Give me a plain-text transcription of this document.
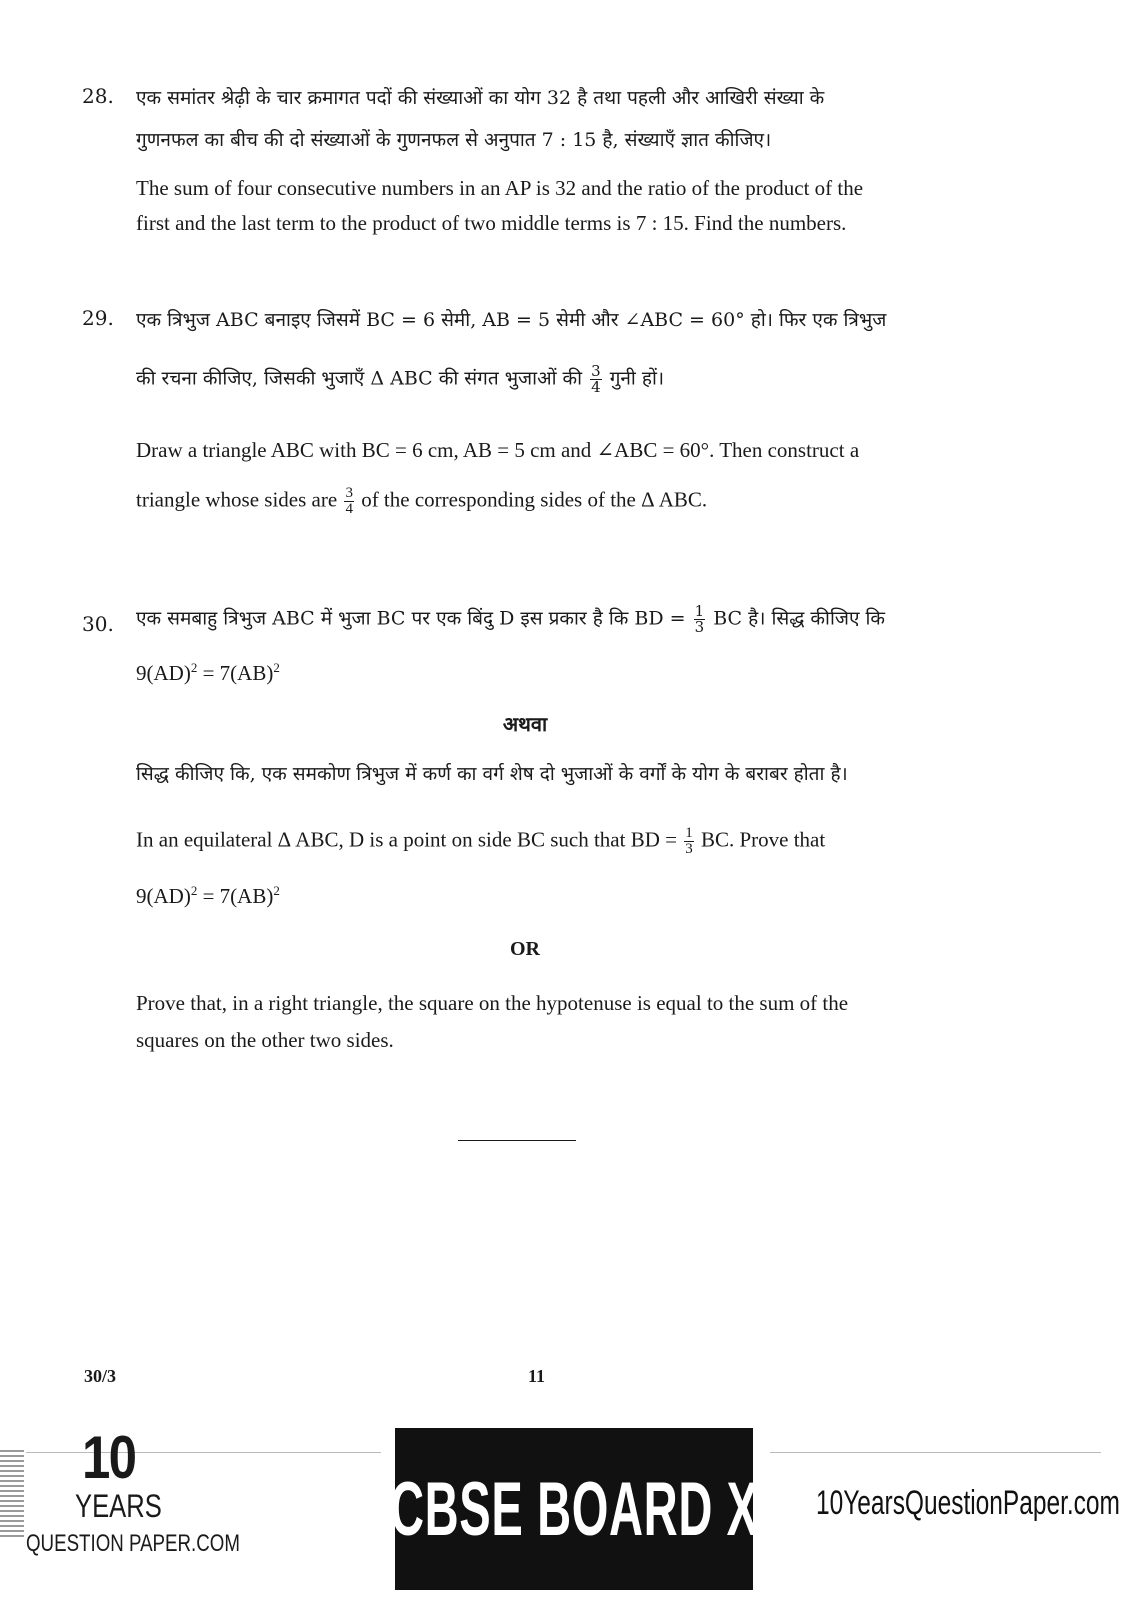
28. एक समांतर श्रेढ़ी के चार क्रमागत पदों की संख्याओं का योग 32 है तथा पहली और आखिरी संख्या के
गुणनफल का बीच की दो संख्याओं के गुणनफल से अनुपात 7 : 15 है, संख्याएँ ज्ञात कीजिए।
The sum of four consecutive numbers in an AP is 32 and the ratio of the product of the
first and the last term to the product of two middle terms is 7 : 15. Find the numbers.
29. एक त्रिभुज ABC बनाइए जिसमें BC = 6 सेमी, AB = 5 सेमी और ∠ABC = 60° हो। फिर एक त्रिभुज
की रचना कीजिए, जिसकी भुजाएँ Δ ABC की संगत भुजाओं की $\frac{3}{4}$ गुनी हों।
Draw a triangle ABC with BC = 6 cm, AB = 5 cm and ∠ABC = 60°. Then construct a
triangle whose sides are $\frac{3}{4}$ of the corresponding sides of the Δ ABC.
30. एक समबाहु त्रिभुज ABC में भुजा BC पर एक बिंदु D इस प्रकार है कि BD = $\frac{1}{3}$ BC है। सिद्ध कीजिए कि
9(AD)$^2$ = 7(AB)$^2$
अथवा
सिद्ध कीजिए कि, एक समकोण त्रिभुज में कर्ण का वर्ग शेष दो भुजाओं के वर्गों के योग के बराबर होता है।
In an equilateral Δ ABC, D is a point on side BC such that BD = $\frac{1}{3}$ BC. Prove that
9(AD)$^2$ = 7(AB)$^2$
OR
Prove that, in a right triangle, the square on the hypotenuse is equal to the sum of the
squares on the other two sides.
30/3	11
10
YEARS
QUESTION PAPER.COM CBSE BOARD X 10YearsQuestionPaper.com
